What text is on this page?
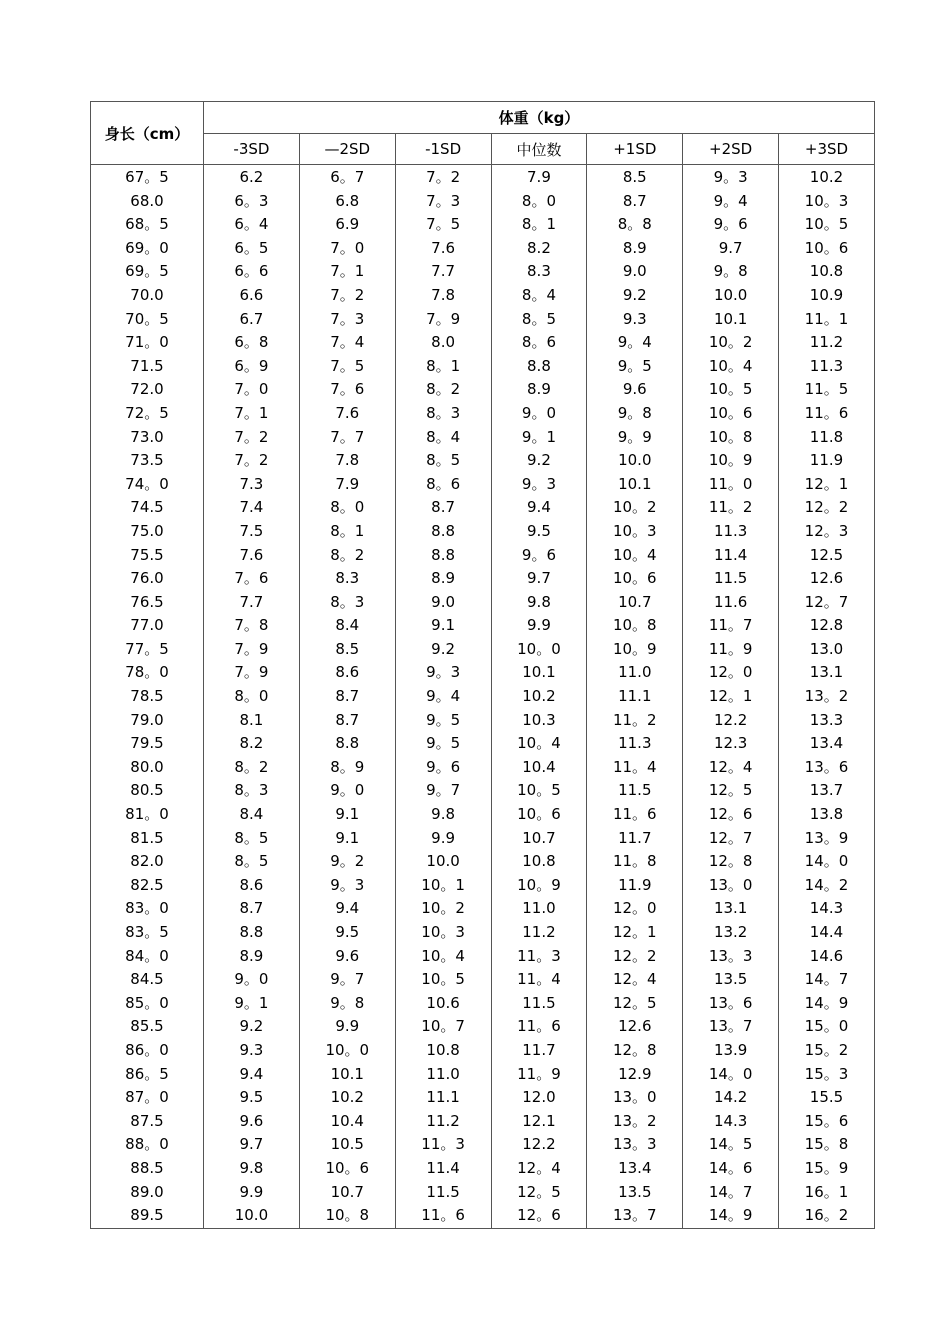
身长（cm）	体重（kg）						
	-3SD	—2SD	-1SD	中位数	+1SD	+2SD	+3SD
67。5	6.2	6。7	7。2	7.9	8.5	9。3	10.2
68.0	6。3	6.8	7。3	8。0	8.7	9。4	10。3
68。5	6。4	6.9	7。5	8。1	8。8	9。6	10。5
69。0	6。5	7。0	7.6	8.2	8.9	9.7	10。6
69。5	6。6	7。1	7.7	8.3	9.0	9。8	10.8
70.0	6.6	7。2	7.8	8。4	9.2	10.0	10.9
70。5	6.7	7。3	7。9	8。5	9.3	10.1	11。1
71。0	6。8	7。4	8.0	8。6	9。4	10。2	11.2
71.5	6。9	7。5	8。1	8.8	9。5	10。4	11.3
72.0	7。0	7。6	8。2	8.9	9.6	10。5	11。5
72。5	7。1	7.6	8。3	9。0	9。8	10。6	11。6
73.0	7。2	7。7	8。4	9。1	9。9	10。8	11.8
73.5	7。2	7.8	8。5	9.2	10.0	10。9	11.9
74。0	7.3	7.9	8。6	9。3	10.1	11。0	12。1
74.5	7.4	8。0	8.7	9.4	10。2	11。2	12。2
75.0	7.5	8。1	8.8	9.5	10。3	11.3	12。3
75.5	7.6	8。2	8.8	9。6	10。4	11.4	12.5
76.0	7。6	8.3	8.9	9.7	10。6	11.5	12.6
76.5	7.7	8。3	9.0	9.8	10.7	11.6	12。7
77.0	7。8	8.4	9.1	9.9	10。8	11。7	12.8
77。5	7。9	8.5	9.2	10。0	10。9	11。9	13.0
78。0	7。9	8.6	9。3	10.1	11.0	12。0	13.1
78.5	8。0	8.7	9。4	10.2	11.1	12。1	13。2
79.0	8.1	8.7	9。5	10.3	11。2	12.2	13.3
79.5	8.2	8.8	9。5	10。4	11.3	12.3	13.4
80.0	8。2	8。9	9。6	10.4	11。4	12。4	13。6
80.5	8。3	9。0	9。7	10。5	11.5	12。5	13.7
81。0	8.4	9.1	9.8	10。6	11。6	12。6	13.8
81.5	8。5	9.1	9.9	10.7	11.7	12。7	13。9
82.0	8。5	9。2	10.0	10.8	11。8	12。8	14。0
82.5	8.6	9。3	10。1	10。9	11.9	13。0	14。2
83。0	8.7	9.4	10。2	11.0	12。0	13.1	14.3
83。5	8.8	9.5	10。3	11.2	12。1	13.2	14.4
84。0	8.9	9.6	10。4	11。3	12。2	13。3	14.6
84.5	9。0	9。7	10。5	11。4	12。4	13.5	14。7
85。0	9。1	9。8	10.6	11.5	12。5	13。6	14。9
85.5	9.2	9.9	10。7	11。6	12.6	13。7	15。0
86。0	9.3	10。0	10.8	11.7	12。8	13.9	15。2
86。5	9.4	10.1	11.0	11。9	12.9	14。0	15。3
87。0	9.5	10.2	11.1	12.0	13。0	14.2	15.5
87.5	9.6	10.4	11.2	12.1	13。2	14.3	15。6
88。0	9.7	10.5	11。3	12.2	13。3	14。5	15。8
88.5	9.8	10。6	11.4	12。4	13.4	14。6	15。9
89.0	9.9	10.7	11.5	12。5	13.5	14。7	16。1
89.5	10.0	10。8	11。6	12。6	13。7	14。9	16。2
